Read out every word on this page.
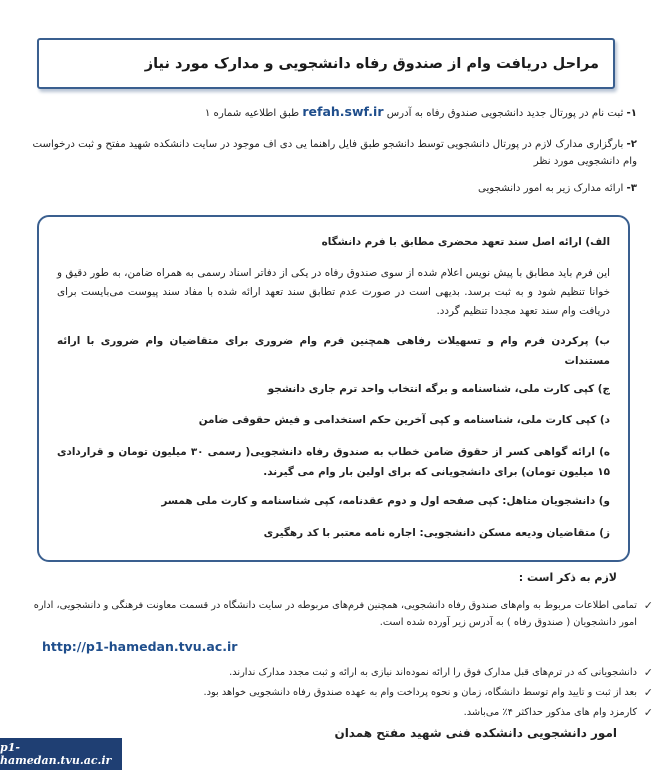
مراحل دریافت وام از صندوق رفاه دانشجویی و مدارک مورد نیاز
۱- ثبت نام در پورتال جدید دانشجویی صندوق رفاه به آدرس refah.swf.ir طبق اطلاعیه شماره ۱
۲- بارگزاری مدارک لازم در پورتال دانشجویی توسط دانشجو طبق فایل راهنما یی دی اف موجود در سایت دانشکده شهید مفتح و ثبت درخواست وام دانشجویی مورد نظر
۳- ارائه مدارک زیر به امور دانشجویی
الف) ارائه اصل سند تعهد محضری مطابق با فرم دانشگاه
این فرم باید مطابق با پیش نویس اعلام شده از سوی صندوق رفاه در یکی از دفاتر اسناد رسمی به همراه ضامن، به طور دقیق و خوانا تنظیم شود و به ثبت برسد. بدیهی است در صورت عدم تطابق سند تعهد ارائه شده با مفاد سند پیوست می‌بایست برای دریافت وام سند تعهد مجددا تنظیم گردد.
ب) پرکردن فرم وام و تسهیلات رفاهی همچنین فرم وام ضروری برای متقاضیان وام ضروری با ارائه مستندات
ج) کپی کارت ملی، شناسنامه و برگه انتخاب واحد ترم جاری دانشجو
د) کپی کارت ملی، شناسنامه و کپی آخرین حکم استخدامی و فیش حقوقی ضامن
ه) ارائه گواهی کسر از حقوق ضامن خطاب به صندوق رفاه دانشجویی( رسمی ۳۰ میلیون تومان و قراردادی ۱۵ میلیون تومان) برای دانشجویانی که برای اولین بار وام می گیرند.
و) دانشجویان متاهل: کپی صفحه اول و دوم عقدنامه، کپی شناسنامه و کارت ملی همسر
ز) متقاضیان ودیعه مسکن دانشجویی: اجاره نامه معتبر با کد رهگیری
لازم به ذکر است :
✓
تمامی اطلاعات مربوط به وام‌های صندوق رفاه دانشجویی، همچنین فرم‌های مربوطه در سایت دانشگاه در قسمت معاونت فرهنگی و دانشجویی، اداره امور دانشجویان ( صندوق رفاه ) به آدرس زیر آورده شده است.
http://p1-hamedan.tvu.ac.ir
✓
دانشجویانی که در ترم‌های قبل مدارک فوق را ارائه نموده‌اند نیازی به ارائه و ثبت مجدد مدارک ندارند.
✓
بعد از ثبت و تایید وام توسط دانشگاه، زمان و نحوه پرداخت وام به عهده صندوق رفاه دانشجویی خواهد بود.
✓
کارمزد وام های مذکور حداکثر ۴٪ می‌باشد.
امور دانشجویی دانشکده فنی شهید مفتح همدان
p1-hamedan.tvu.ac.ir
